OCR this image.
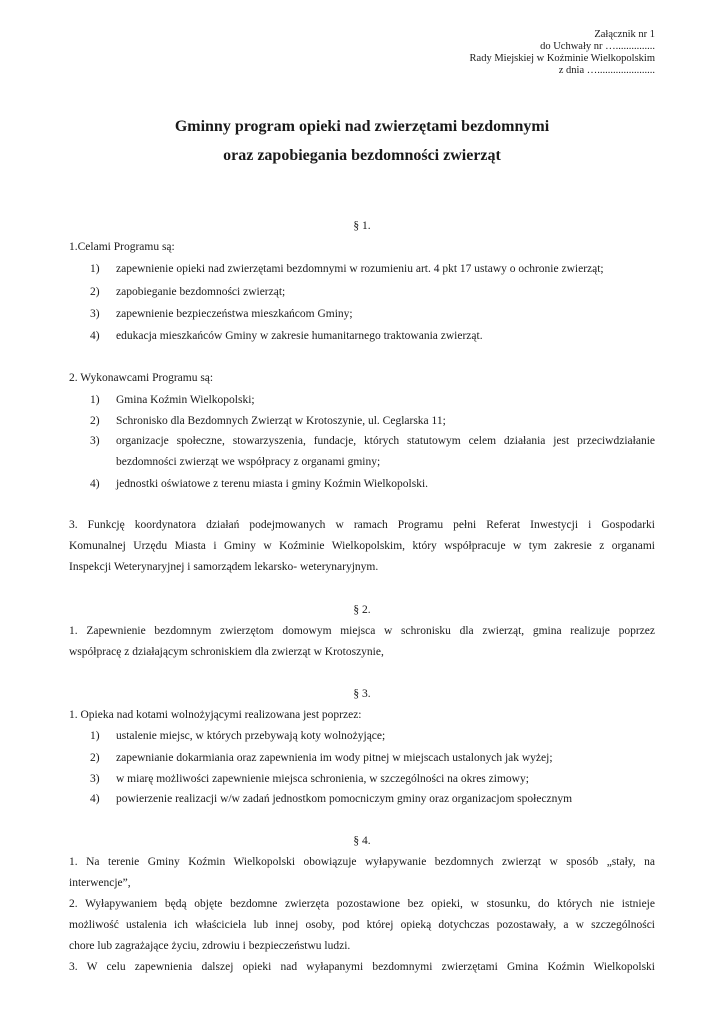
Załącznik nr 1
do Uchwały nr …...............
Rady Miejskiej w Koźminie Wielkopolskim
z dnia …......................
Gminny program opieki nad zwierzętami bezdomnymi
oraz zapobiegania bezdomności zwierząt
§ 1.
1.Celami Programu są:
1) zapewnienie opieki nad zwierzętami bezdomnymi w rozumieniu art. 4 pkt 17 ustawy o ochronie zwierząt;
2) zapobieganie bezdomności zwierząt;
3) zapewnienie bezpieczeństwa mieszkańcom Gminy;
4) edukacja mieszkańców Gminy w zakresie humanitarnego traktowania zwierząt.
2. Wykonawcami Programu są:
1) Gmina Koźmin Wielkopolski;
2) Schronisko dla Bezdomnych Zwierząt w Krotoszynie, ul. Ceglarska 11;
3) organizacje społeczne, stowarzyszenia, fundacje, których statutowym celem działania jest przeciwdziałanie
bezdomności zwierząt we współpracy z organami gminy;
4) jednostki oświatowe z terenu miasta i gminy Koźmin Wielkopolski.
3. Funkcję koordynatora działań podejmowanych w ramach Programu pełni Referat Inwestycji i Gospodarki
Komunalnej Urzędu Miasta i Gminy w Koźminie Wielkopolskim, który współpracuje w tym zakresie z organami
Inspekcji Weterynaryjnej i samorządem lekarsko- weterynaryjnym.
§ 2.
1. Zapewnienie bezdomnym zwierzętom domowym miejsca w schronisku dla zwierząt, gmina realizuje poprzez
współpracę z działającym schroniskiem dla zwierząt w Krotoszynie,
§ 3.
1. Opieka nad kotami wolnożyjącymi realizowana jest poprzez:
1) ustalenie miejsc, w których przebywają koty wolnożyjące;
2) zapewnianie dokarmiania oraz zapewnienia im wody pitnej w miejscach ustalonych jak wyżej;
3) w miarę możliwości zapewnienie miejsca schronienia, w szczególności na okres zimowy;
4) powierzenie realizacji w/w zadań jednostkom pomocniczym gminy oraz organizacjom społecznym
§ 4.
1. Na terenie Gminy Koźmin Wielkopolski obowiązuje wyłapywanie bezdomnych zwierząt w sposób „stały, na
interwencje”,
2. Wyłapywaniem będą objęte bezdomne zwierzęta pozostawione bez opieki, w stosunku, do których nie istnieje
możliwość ustalenia ich właściciela lub innej osoby, pod której opieką dotychczas pozostawały, a w szczególności
chore lub zagrażające życiu, zdrowiu i bezpieczeństwu ludzi.
3. W celu zapewnienia dalszej opieki nad wyłapanymi bezdomnymi zwierzętami Gmina Koźmin Wielkopolski
